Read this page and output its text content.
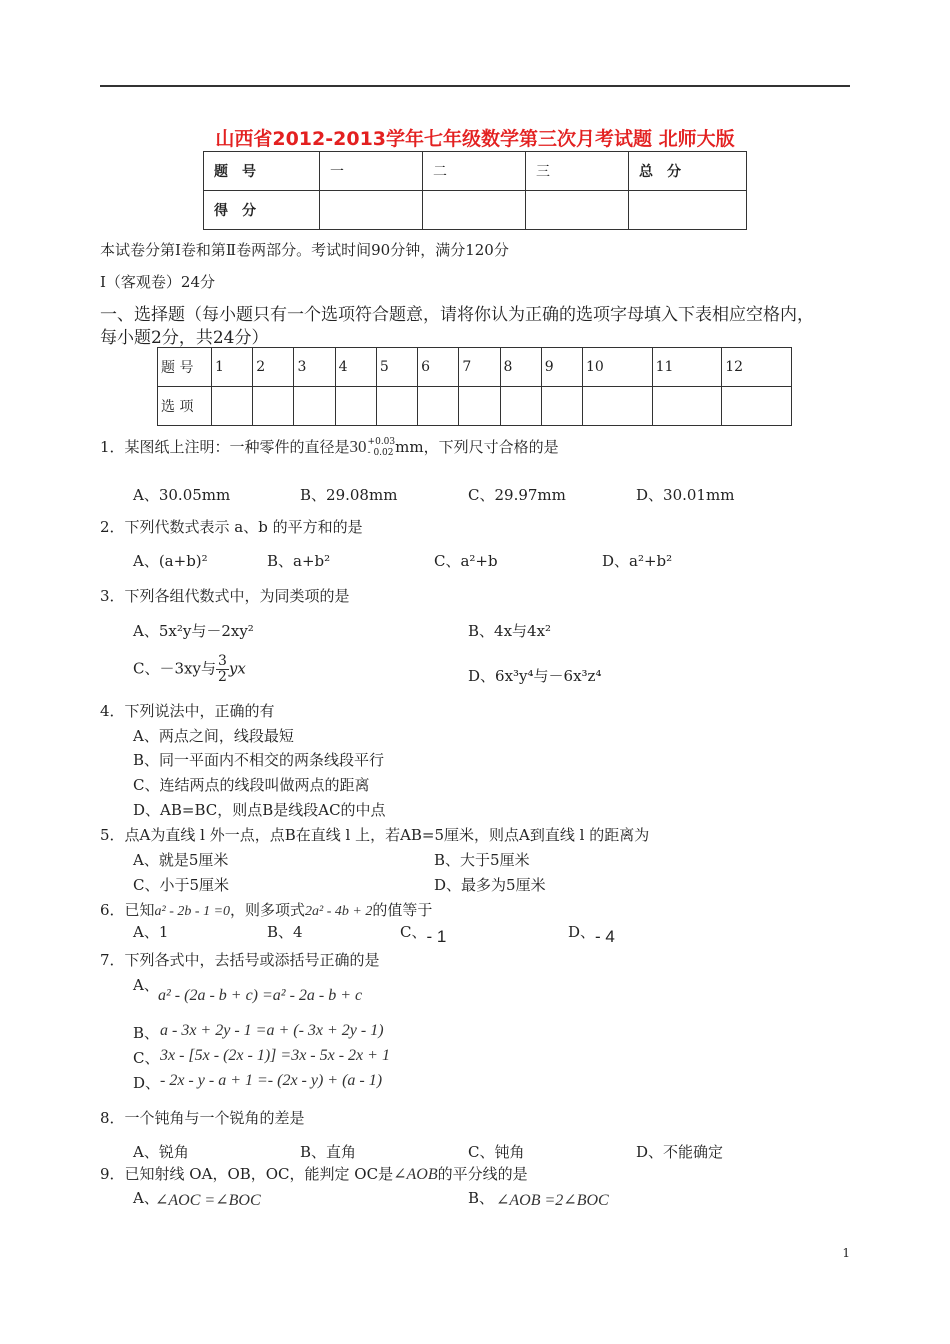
山西省2012-2013学年七年级数学第三次月考试题 北师大版
题　号	一	二	三	总　分
得　分				
本试卷分第Ⅰ卷和第Ⅱ卷两部分。考试时间90分钟，满分120分
Ⅰ（客观卷）24分
一、选择题（每小题只有一个选项符合题意，请将你认为正确的选项字母填入下表相应空格内，
每小题2分，共24分）
题 号	1	2	3	4	5	6	7	8	9	10	11	12
选 项												
1．某图纸上注明：一种零件的直径是30 +0.03
- 0.02 mm，下列尺寸合格的是
A、30.05mm	B、29.08mm	C、29.97mm	D、30.01mm
2．下列代数式表示 a、b 的平方和的是
A、(a+b)²	B、a+b²	C、a²+b	D、a²+b²
3．下列各组代数式中，为同类项的是
A、5x²y与－2xy²	B、4x与4x²
C、－3xy与 $\frac{3}{2}$ yx	D、6x³y⁴与－6x³z⁴
4．下列说法中，正确的有
A、两点之间，线段最短
B、同一平面内不相交的两条线段平行
C、连结两点的线段叫做两点的距离
D、AB=BC，则点B是线段AC的中点
5．点A为直线 l 外一点，点B在直线 l 上，若AB=5厘米，则点A到直线 l 的距离为
A、就是5厘米	B、大于5厘米
C、小于5厘米	D、最多为5厘米
6．已知a² - 2b - 1 =0，则多项式2a² - 4b + 2的值等于
A、1	B、4	C、- 1	D、- 4
7．下列各式中，去括号或添括号正确的是
A、
a² - (2a - b + c) =a² - 2a - b + c
B、 a - 3x + 2y - 1 =a + (- 3x + 2y - 1)
C、 3x - [5x - (2x - 1)] =3x - 5x - 2x + 1
D、 - 2x - y - a + 1 =- (2x - y) + (a - 1)
8．一个钝角与一个锐角的差是
A、锐角	B、直角	C、钝角	D、不能确定
9．已知射线 OA，OB，OC，能判定 OC是∠AOB的平分线的是
A、
∠AOC =∠BOC	B、 ∠AOB =2∠BOC
1
